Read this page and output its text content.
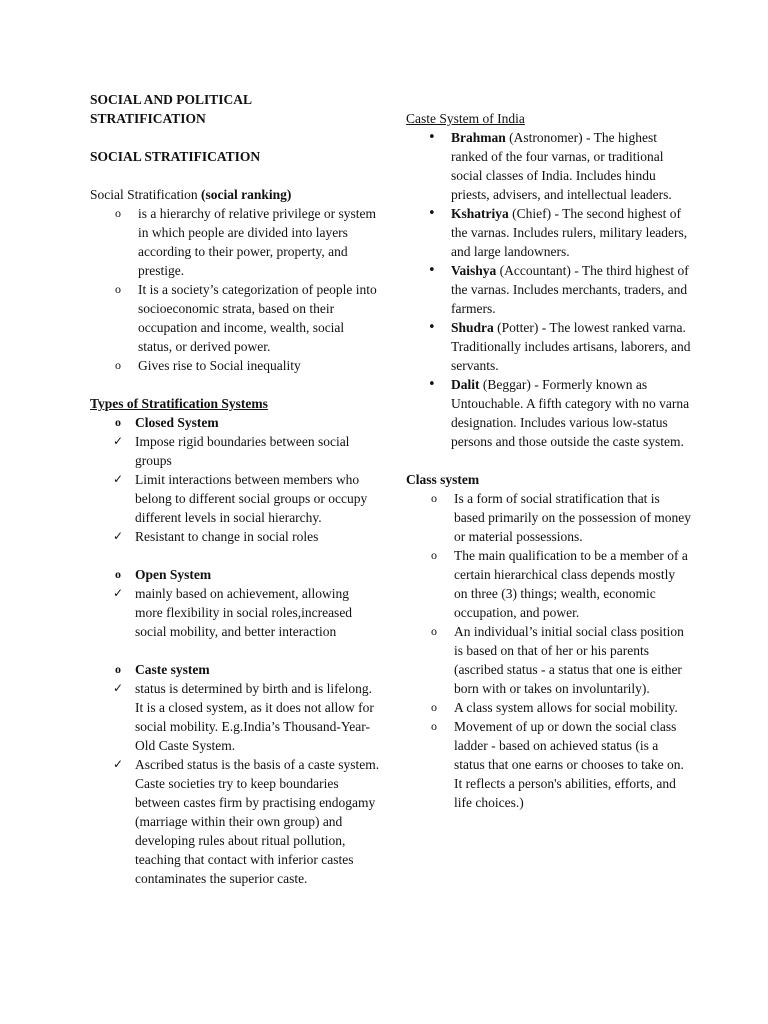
SOCIAL AND POLITICAL

STRATIFICATION

SOCIAL STRATIFICATION

Social Stratification (social ranking)

o is a hierarchy of relative privilege or system in which people are divided into layers according to their power, property, and prestige.
o It is a society’s categorization of people into socioeconomic strata, based on their occupation and income, wealth, social status, or derived power.
o Gives rise to Social inequality

Types of Stratification Systems

o Closed System
✓ Impose rigid boundaries between social groups
✓ Limit interactions between members who belong to different social groups or occupy different levels in social hierarchy.
✓ Resistant to change in social roles
o Open System
✓ mainly based on achievement, allowing more flexibility in social roles,increased social mobility, and better interaction
o Caste system
✓ status is determined by birth and is lifelong. It is a closed system, as it does not allow for social mobility. E.g.India’s Thousand-Year-Old Caste System.
✓ Ascribed status is the basis of a caste system. Caste societies try to keep boundaries between castes firm by practising endogamy (marriage within their own group) and developing rules about ritual pollution, teaching that contact with inferior castes contaminates the superior caste.

Caste System of India

• Brahman (Astronomer) - The highest ranked of the four varnas, or traditional social classes of India. Includes hindu priests, advisers, and intellectual leaders.
• Kshatriya (Chief) - The second highest of the varnas. Includes rulers, military leaders, and large landowners.
• Vaishya (Accountant) - The third highest of the varnas. Includes merchants, traders, and farmers.
• Shudra (Potter) - The lowest ranked varna. Traditionally includes artisans, laborers, and servants.
• Dalit (Beggar) - Formerly known as Untouchable. A fifth category with no varna designation. Includes various low-status persons and those outside the caste system.

Class system

o Is a form of social stratification that is based primarily on the possession of money or material possessions.
o The main qualification to be a member of a certain hierarchical class depends mostly on three (3) things; wealth, economic occupation, and power.
o An individual’s initial social class position is based on that of her or his parents (ascribed status - a status that one is either born with or takes on involuntarily).
o A class system allows for social mobility.
o Movement of up or down the social class ladder - based on achieved status (is a status that one earns or chooses to take on. It reflects a person's abilities, efforts, and life choices.)
